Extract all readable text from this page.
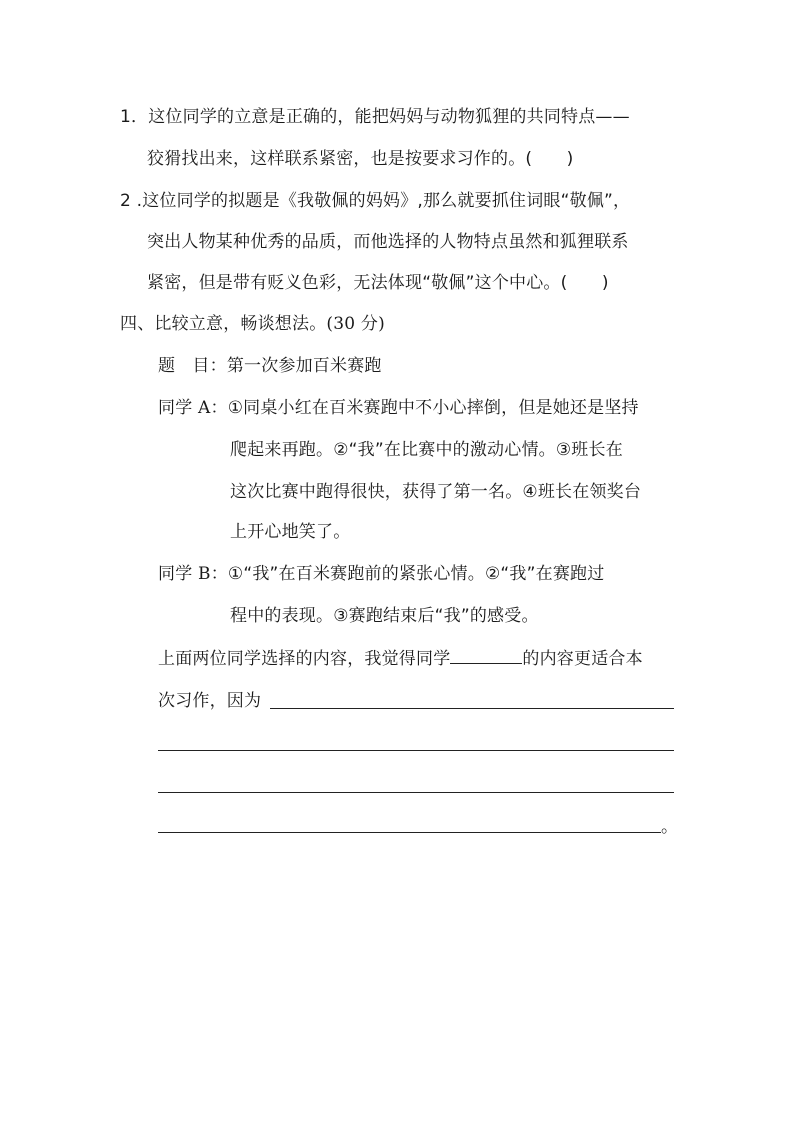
1．这位同学的立意是正确的，能把妈妈与动物狐狸的共同特点——
狡猾找出来，这样联系紧密，也是按要求习作的。(　　)
2 .这位同学的拟题是《我敬佩的妈妈》,那么就要抓住词眼“敬佩”，
突出人物某种优秀的品质，而他选择的人物特点虽然和狐狸联系
紧密，但是带有贬义色彩，无法体现“敬佩”这个中心。(　　)
四、比较立意，畅谈想法。(30 分)
题　目：第一次参加百米赛跑
同学 A：①同桌小红在百米赛跑中不小心摔倒，但是她还是坚持
爬起来再跑。②“我”在比赛中的激动心情。③班长在
这次比赛中跑得很快，获得了第一名。④班长在领奖台
上开心地笑了。
同学 B：①“我”在百米赛跑前的紧张心情。②“我”在赛跑过
程中的表现。③赛跑结束后“我”的感受。
上面两位同学选择的内容，我觉得同学	的内容更适合本
次习作，因为
。
